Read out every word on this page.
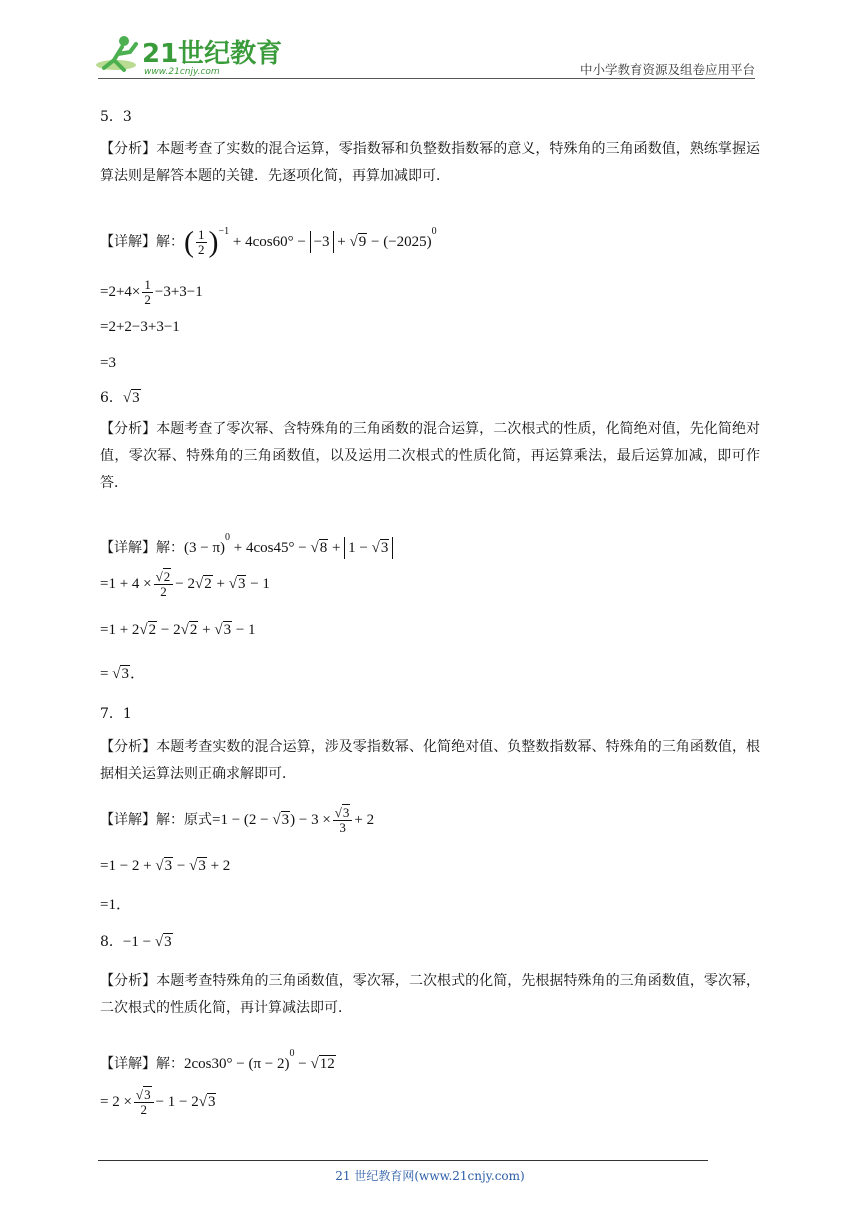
21世纪教育
www.21cnjy.com	中小学教育资源及组卷应用平台
5．3
【分析】本题考查了实数的混合运算，零指数幂和负整数指数幂的意义，特殊角的三角函数值，熟练掌握运算法则是解答本题的关键．先逐项化简，再算加减即可．
【详解】解：( $\frac{1}{2} )^{-1} + 4\cos 60^\circ - -3 + √9 - (-2025)^0$
$=2+4\times \frac{1}{2} -3+3-1$
=2+2−3+3−1
=3
6．√3
【分析】本题考查了零次幂、含特殊角的三角函数的混合运算，二次根式的性质，化简绝对值，先化简绝对值，零次幂、特殊角的三角函数值，以及运用二次根式的性质化简，再运算乘法，最后运算加减，即可作答．
【详解】解：$(3 - \pi)^0 + 4\cos 45^\circ - √8 + 1 - √3$
$=1 + 4 \times \frac{√2}{2} - 2√2 + √3 - 1$
=1 + 2√2 − 2√2 + √3 − 1
= √3．
7．1
【分析】本题考查实数的混合运算，涉及零指数幂、化简绝对值、负整数指数幂、特殊角的三角函数值，根据相关运算法则正确求解即可．
【详解】解：原式$=1 - (2 - √3) - 3 \times \frac{√3}{3} + 2$
=1 − 2 + √3 − √3 + 2
=1．
8．−1 − √3
【分析】本题考查特殊角的三角函数值，零次幂，二次根式的化简，先根据特殊角的三角函数值，零次幂，二次根式的性质化简，再计算减法即可．
【详解】解：$2\cos 30^\circ - (\pi - 2)^0 - √12$
= $2 \times \frac{√3}{2} - 1 - 2√3$
21 世纪教育网(www.21cnjy.com)
